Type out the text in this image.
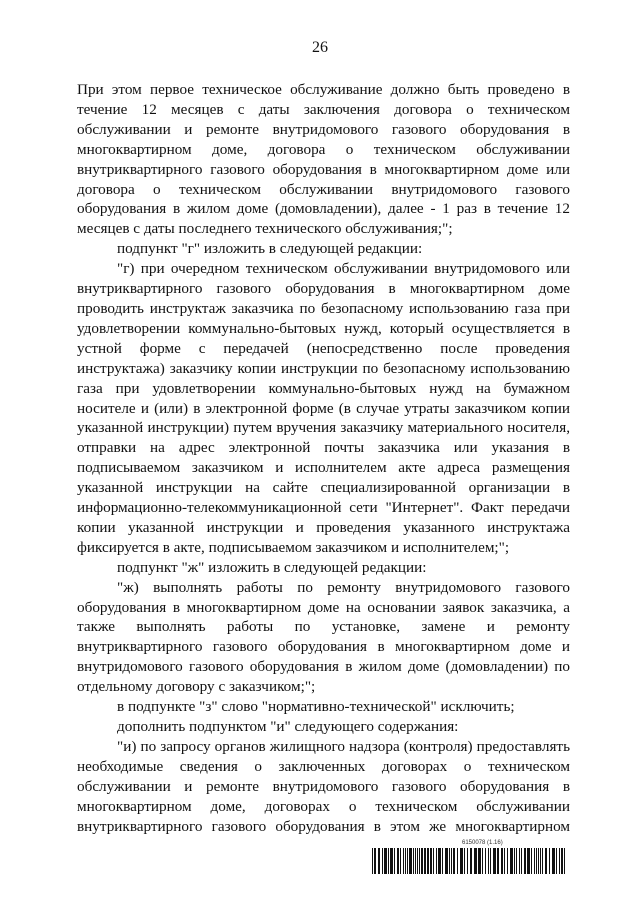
26

При этом первое техническое обслуживание должно быть проведено в течение 12 месяцев с даты заключения договора о техническом обслуживании и ремонте внутридомового газового оборудования в многоквартирном доме, договора о техническом обслуживании внутриквартирного газового оборудования в многоквартирном доме или договора о техническом обслуживании внутридомового газового оборудования в жилом доме (домовладении), далее - 1 раз в течение 12 месяцев с даты последнего технического обслуживания;";

подпункт "г" изложить в следующей редакции:

"г) при очередном техническом обслуживании внутридомового или внутриквартирного газового оборудования в многоквартирном доме проводить инструктаж заказчика по безопасному использованию газа при удовлетворении коммунально-бытовых нужд, который осуществляется в устной форме с передачей (непосредственно после проведения инструктажа) заказчику копии инструкции по безопасному использованию газа при удовлетворении коммунально-бытовых нужд на бумажном носителе и (или) в электронной форме (в случае утраты заказчиком копии указанной инструкции) путем вручения заказчику материального носителя, отправки на адрес электронной почты заказчика или указания в подписываемом заказчиком и исполнителем акте адреса размещения указанной инструкции на сайте специализированной организации в информационно-телекоммуникационной сети "Интернет". Факт передачи копии указанной инструкции и проведения указанного инструктажа фиксируется в акте, подписываемом заказчиком и исполнителем;";

подпункт "ж" изложить в следующей редакции:

"ж) выполнять работы по ремонту внутридомового газового оборудования в многоквартирном доме на основании заявок заказчика, а также выполнять работы по установке, замене и ремонту внутриквартирного газового оборудования в многоквартирном доме и внутридомового газового оборудования в жилом доме (домовладении) по отдельному договору с заказчиком;";

в подпункте "з" слово "нормативно-технической" исключить;

дополнить подпунктом "и" следующего содержания:

"и) по запросу органов жилищного надзора (контроля) предоставлять необходимые сведения о заключенных договорах о техническом обслуживании и ремонте внутридомового газового оборудования в многоквартирном доме, договорах о техническом обслуживании внутриквартирного газового оборудования в этом же многоквартирном

6150078 (1.16)
